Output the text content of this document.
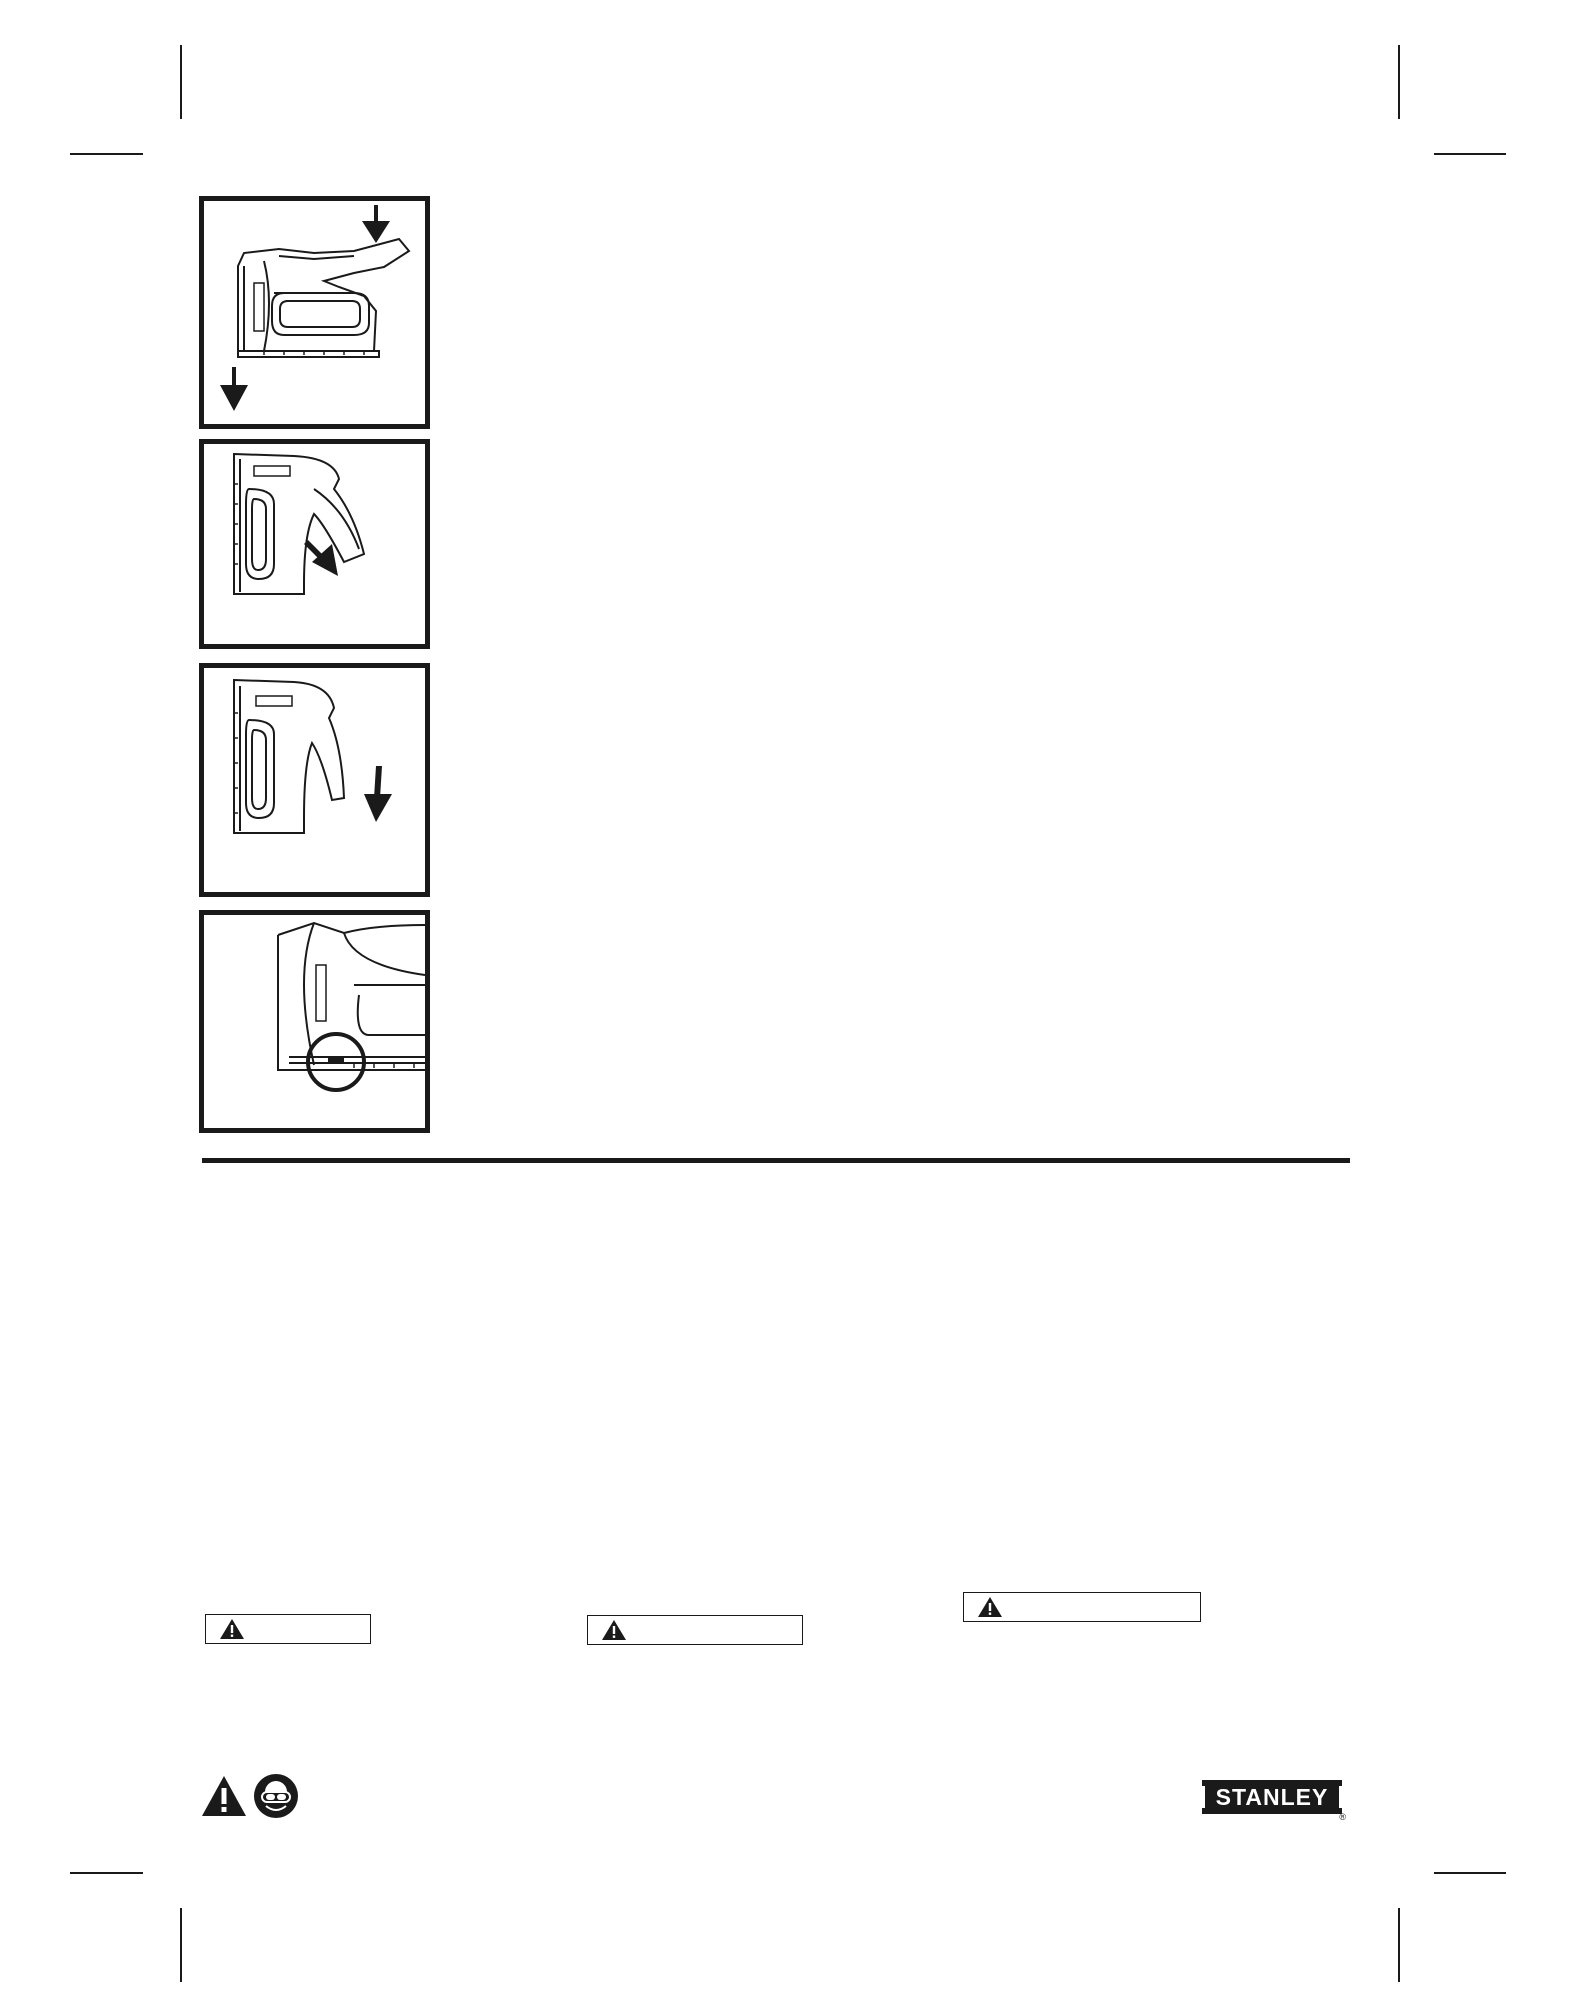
STANLEY
®
